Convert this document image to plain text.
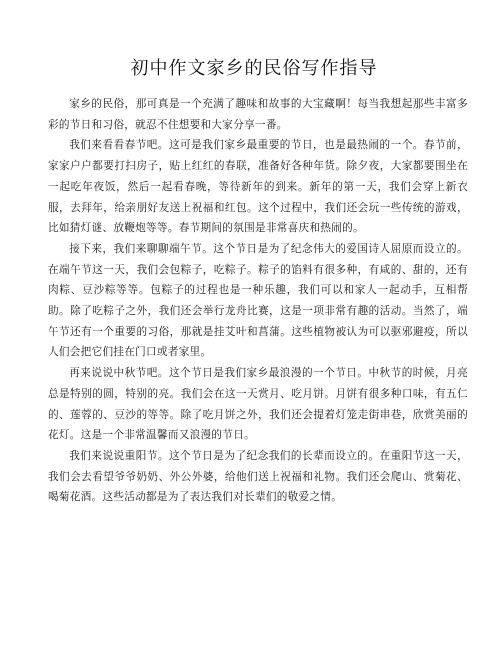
初中作文家乡的民俗写作指导

家乡的民俗，那可真是一个充满了趣味和故事的大宝藏啊！每当我想起那些丰富多彩的节日和习俗，就忍不住想要和大家分享一番。

我们来看看春节吧。这可是我们家乡最重要的节日，也是最热闹的一个。春节前，家家户户都要打扫房子，贴上红红的春联，准备好各种年货。除夕夜，大家都要围坐在一起吃年夜饭，然后一起看春晚，等待新年的到来。新年的第一天，我们会穿上新衣服，去拜年，给亲朋好友送上祝福和红包。这个过程中，我们还会玩一些传统的游戏，比如猜灯谜、放鞭炮等等。春节期间的氛围是非常喜庆和热闹的。

接下来，我们来聊聊端午节。这个节日是为了纪念伟大的爱国诗人屈原而设立的。在端午节这一天，我们会包粽子，吃粽子。粽子的馅料有很多种，有咸的、甜的，还有肉粽、豆沙粽等等。包粽子的过程也是一种乐趣，我们可以和家人一起动手，互相帮助。除了吃粽子之外，我们还会举行龙舟比赛，这是一项非常有趣的活动。当然了，端午节还有一个重要的习俗，那就是挂艾叶和菖蒲。这些植物被认为可以驱邪避疫，所以人们会把它们挂在门口或者家里。

再来说说中秋节吧。这个节日是我们家乡最浪漫的一个节日。中秋节的时候，月亮总是特别的圆，特别的亮。我们会在这一天赏月、吃月饼。月饼有很多种口味，有五仁的、莲蓉的、豆沙的等等。除了吃月饼之外，我们还会提着灯笼走街串巷，欣赏美丽的花灯。这是一个非常温馨而又浪漫的节日。

我们来说说重阳节。这个节日是为了纪念我们的长辈而设立的。在重阳节这一天，我们会去看望爷爷奶奶、外公外婆，给他们送上祝福和礼物。我们还会爬山、赏菊花、喝菊花酒。这些活动都是为了表达我们对长辈们的敬爱之情。
